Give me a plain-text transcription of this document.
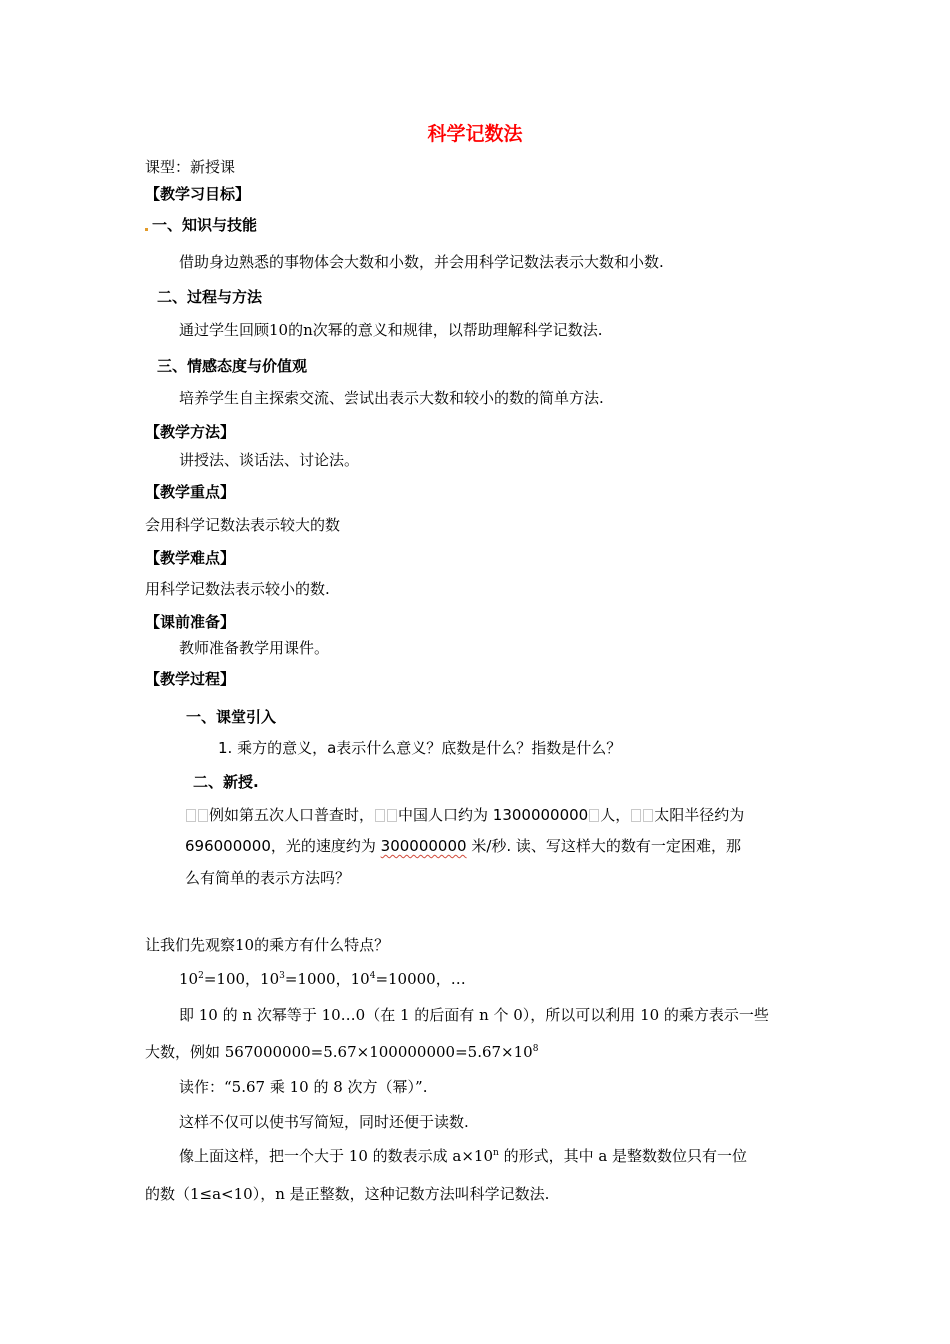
科学记数法
课型：新授课
【教学习目标】
一、知识与技能
借助身边熟悉的事物体会大数和小数，并会用科学记数法表示大数和小数.
二、过程与方法
通过学生回顾10的n次幂的意义和规律，以帮助理解科学记数法.
三、情感态度与价值观
培养学生自主探索交流、尝试出表示大数和较小的数的简单方法.
【教学方法】
讲授法、谈话法、讨论法。
【教学重点】
会用科学记数法表示较大的数
【教学难点】
用科学记数法表示较小的数.
【课前准备】
教师准备教学用课件。
【教学过程】
一、课堂引入
1. 乘方的意义，a表示什么意义？底数是什么？指数是什么？
二、新授.
例如第五次人口普查时， 中国人口约为 1300000000 人， 太阳半径约为
696000000，光的速度约为 300000000 米/秒. 读、写这样大的数有一定困难，那
么有简单的表示方法吗？
让我们先观察10的乘方有什么特点？
$10^2=100$，$10^3=1000$，$10^4=10000$，…
即 10 的 n 次幂等于 10…0（在 1 的后面有 n 个 0），所以可以利用 10 的乘方表示一些
大数，例如 $567000000=5.67\times 100000000=5.67\times 10^8$
读作：“5.67 乘 10 的 8 次方（幂）”.
这样不仅可以使书写简短，同时还便于读数.
像上面这样，把一个大于 10 的数表示成 $a\times 10^n$ 的形式，其中 a 是整数数位只有一位
的数（1≤a<10），n 是正整数，这种记数方法叫科学记数法.
